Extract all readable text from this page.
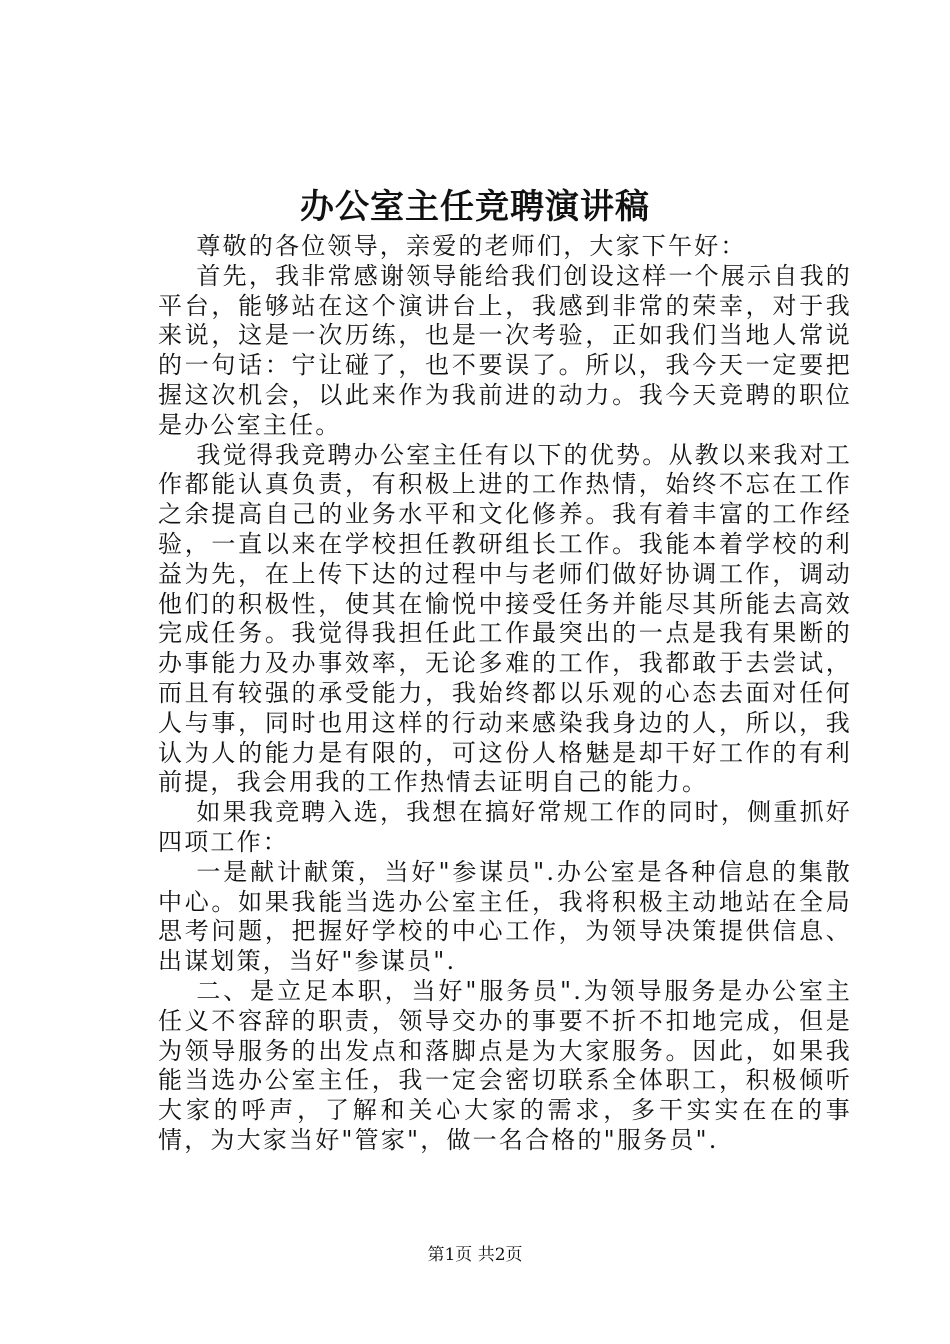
办公室主任竞聘演讲稿

尊敬的各位领导，亲爱的老师们，大家下午好：

首先，我非常感谢领导能给我们创设这样一个展示自我的平台，能够站在这个演讲台上，我感到非常的荣幸，对于我来说，这是一次历练，也是一次考验，正如我们当地人常说的一句话：宁让碰了，也不要误了。所以，我今天一定要把握这次机会，以此来作为我前进的动力。我今天竞聘的职位是办公室主任。

我觉得我竞聘办公室主任有以下的优势。从教以来我对工作都能认真负责，有积极上进的工作热情，始终不忘在工作之余提高自己的业务水平和文化修养。我有着丰富的工作经验，一直以来在学校担任教研组长工作。我能本着学校的利益为先，在上传下达的过程中与老师们做好协调工作，调动他们的积极性，使其在愉悦中接受任务并能尽其所能去高效完成任务。我觉得我担任此工作最突出的一点是我有果断的办事能力及办事效率，无论多难的工作，我都敢于去尝试，而且有较强的承受能力，我始终都以乐观的心态去面对任何人与事，同时也用这样的行动来感染我身边的人，所以，我认为人的能力是有限的，可这份人格魅是却干好工作的有利前提，我会用我的工作热情去证明自己的能力。

如果我竞聘入选，我想在搞好常规工作的同时，侧重抓好四项工作：

一是献计献策，当好"参谋员".办公室是各种信息的集散中心。如果我能当选办公室主任，我将积极主动地站在全局思考问题，把握好学校的中心工作，为领导决策提供信息、出谋划策，当好"参谋员".

二、是立足本职，当好"服务员".为领导服务是办公室主任义不容辞的职责，领导交办的事要不折不扣地完成，但是为领导服务的出发点和落脚点是为大家服务。因此，如果我能当选办公室主任，我一定会密切联系全体职工，积极倾听大家的呼声，了解和关心大家的需求，多干实实在在的事情，为大家当好"管家"，做一名合格的"服务员".

第1页 共2页
